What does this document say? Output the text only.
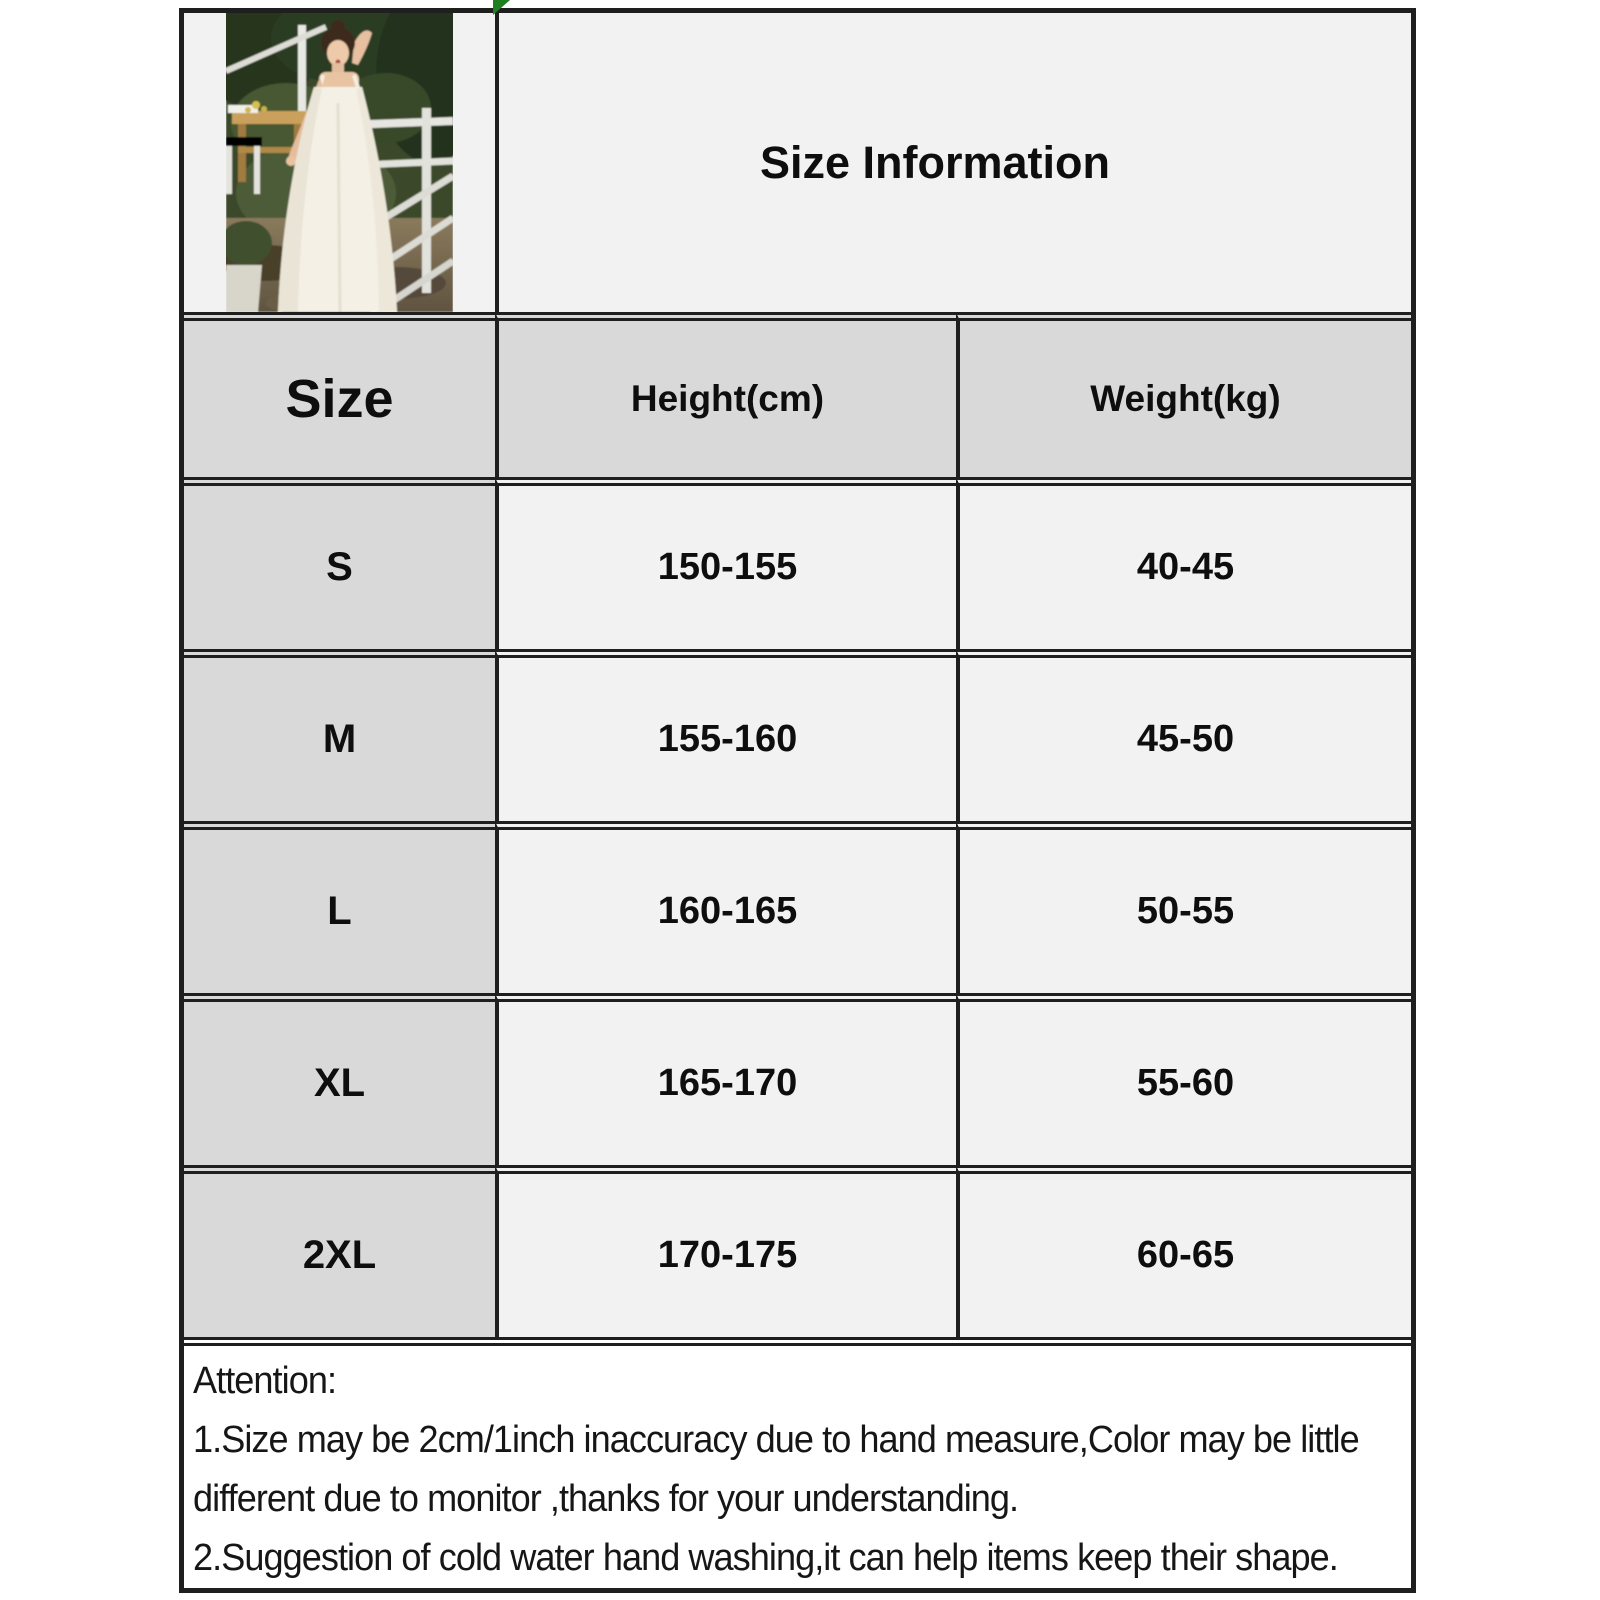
Size Information
Size	Height(cm)	Weight(kg)
S	150-155	40-45
M	155-160	45-50
L	160-165	50-55
XL	165-170	55-60
2XL	170-175	60-65
Attention:
1.Size may be 2cm/1inch inaccuracy due to hand measure,Color may be little
different due to monitor ,thanks for your understanding.
2.Suggestion of cold water hand washing,it can help items keep their shape.
